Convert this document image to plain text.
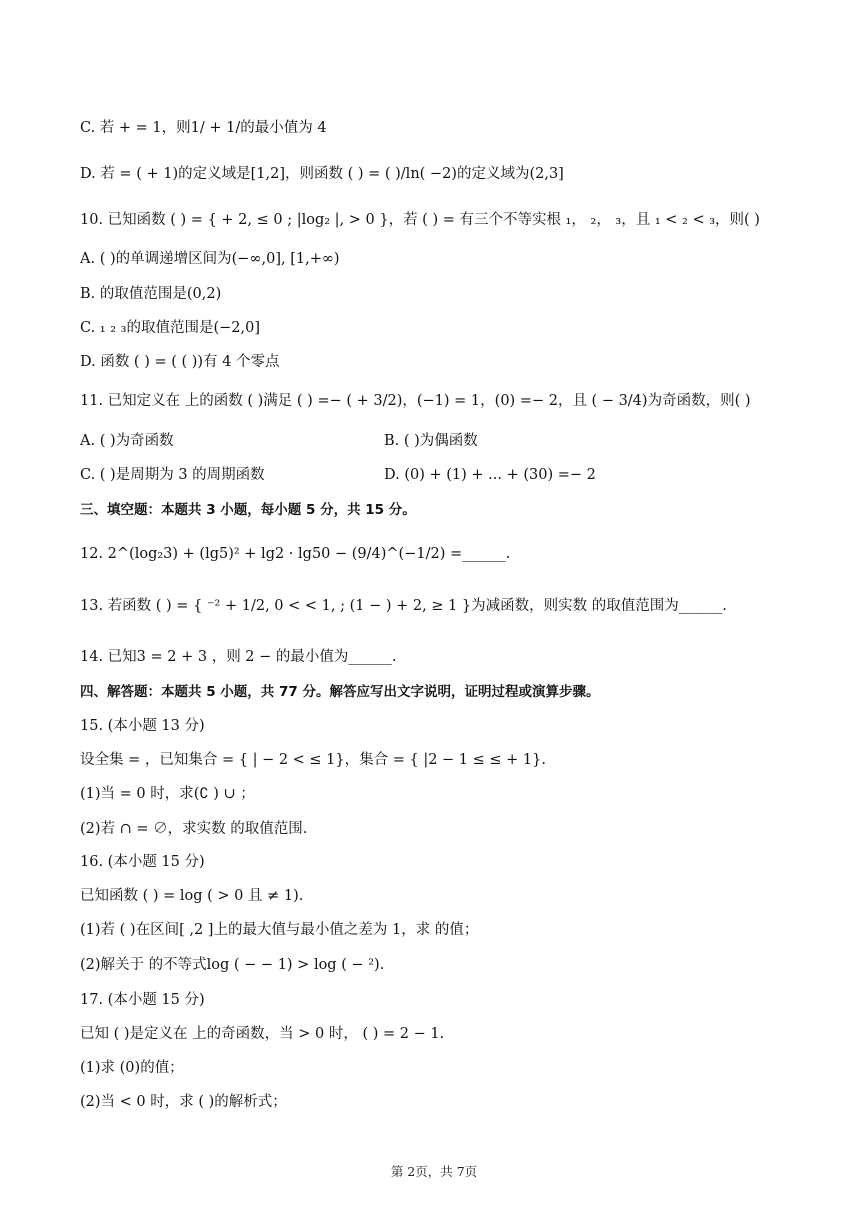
C. 若 + = 1，则1/ + 1/的最小值为 4
D. 若 = ( + 1)的定义域是[1,2]，则函数 ( ) = ( )/ln( −2)的定义域为(2,3]
10. 已知函数 ( ) = { + 2, ≤ 0 ; |log₂ |, > 0 }，若 ( ) = 有三个不等实根 ₁， ₂， ₃，且 ₁ < ₂ < ₃，则( )
A. ( )的单调递增区间为(−∞,0], [1,+∞)
B. 的取值范围是(0,2)
C. ₁ ₂ ₃的取值范围是(−2,0]
D. 函数 ( ) = ( ( ))有 4 个零点
11. 已知定义在 上的函数 ( )满足 ( ) =− ( + 3/2)，(−1) = 1，(0) =− 2，且 ( − 3/4)为奇函数，则( )
A. ( )为奇函数	B. ( )为偶函数
C. ( )是周期为 3 的周期函数	D. (0) + (1) + ... + (30) =− 2
三、填空题：本题共 3 小题，每小题 5 分，共 15 分。
12. 2^(log₂3) + (lg5)² + lg2 · lg50 − (9/4)^(−1/2) =______.
13. 若函数 ( ) = { ⁻² + 1/2, 0 < < 1, ; (1 − ) + 2, ≥ 1 }为减函数，则实数 的取值范围为______.
14. 已知3 = 2 + 3 ，则 2 − 的最小值为______.
四、解答题：本题共 5 小题，共 77 分。解答应写出文字说明，证明过程或演算步骤。
15. (本小题 13 分)
设全集 = ，已知集合 = { | − 2 < ≤ 1}，集合 = { |2 − 1 ≤ ≤ + 1}.
(1)当 = 0 时，求(∁ ) ∪ ；
(2)若 ∩ = ∅，求实数 的取值范围.
16. (本小题 15 分)
已知函数 ( ) = log ( > 0 且 ≠ 1).
(1)若 ( )在区间[ ,2 ]上的最大值与最小值之差为 1，求 的值；
(2)解关于 的不等式log ( − − 1) > log ( − ²).
17. (本小题 15 分)
已知 ( )是定义在 上的奇函数，当 > 0 时， ( ) = 2 − 1.
(1)求 (0)的值；
(2)当 < 0 时，求 ( )的解析式；
第 2页，共 7页
